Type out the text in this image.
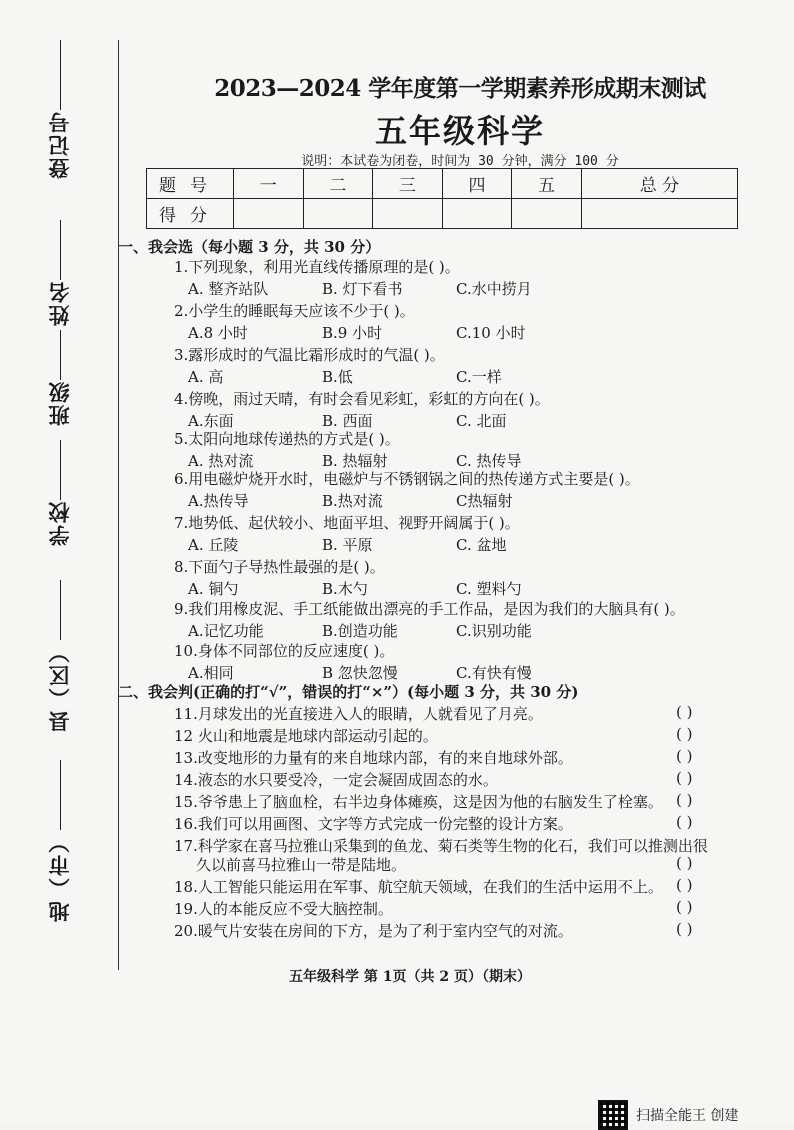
登记号
姓名
班级
学校
县（区）
地（市）
2023—2024 学年度第一学期素养形成期末测试
五年级科学
说明：本试卷为闭卷，时间为 30 分钟，满分 100 分
题号	一	二	三	四	五	总 分
得分						
一、我会选（每小题 3 分，共 30 分）
1.下列现象，利用光直线传播原理的是( )。
A. 整齐站队	B. 灯下看书	C.水中捞月
2.小学生的睡眠每天应该不少于( )。
A.8 小时	B.9 小时	C.10 小时
3.露形成时的气温比霜形成时的气温( )。
A. 高	B.低	C.一样
4.傍晚，雨过天晴，有时会看见彩虹，彩虹的方向在( )。
A.东面	B. 西面	C. 北面
5.太阳向地球传递热的方式是( )。
A. 热对流	B. 热辐射	C. 热传导
6.用电磁炉烧开水时，电磁炉与不锈钢锅之间的热传递方式主要是( )。
A.热传导	B.热对流	C热辐射
7.地势低、起伏较小、地面平坦、视野开阔属于( )。
A. 丘陵	B. 平原	C. 盆地
8.下面勺子导热性最强的是( )。
A. 铜勺	B.木勺	C. 塑料勺
9.我们用橡皮泥、手工纸能做出漂亮的手工作品，是因为我们的大脑具有( )。
A.记忆功能	B.创造功能	C.识别功能
10.身体不同部位的反应速度( )。
A.相同	B 忽快忽慢	C.有快有慢
二、我会判(正确的打“√”，错误的打“×”）(每小题 3 分，共 30 分)
11.月球发出的光直接进入人的眼睛，人就看见了月亮。	( )
12 火山和地震是地球内部运动引起的。	( )
13.改变地形的力量有的来自地球内部，有的来自地球外部。	( )
14.液态的水只要受冷，一定会凝固成固态的水。	( )
15.爷爷患上了脑血栓，右半边身体瘫痪，这是因为他的右脑发生了栓塞。 ( )
16.我们可以用画图、文字等方式完成一份完整的设计方案。	( )
17.科学家在喜马拉雅山采集到的鱼龙、菊石类等生物的化石，我们可以推测出很
( )
久以前喜马拉雅山一带是陆地。
18.人工智能只能运用在军事、航空航天领域，在我们的生活中运用不上。 ( )
19.人的本能反应不受大脑控制。	( )
20.暖气片安装在房间的下方，是为了利于室内空气的对流。	( )
五年级科学 第 1页（共 2 页）（期末）
扫描全能王 创建
